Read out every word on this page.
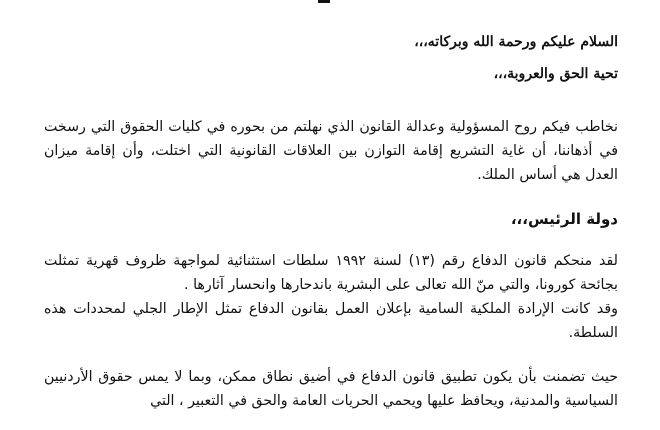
السلام عليكم ورحمة الله وبركاته،،،

تحية الحق والعروبة،،،

نخاطب فيكم روح المسؤولية وعدالة القانون الذي نهلتم من بحوره في كليات الحقوق التي رسخت في أذهاننا، أن غاية التشريع إقامة التوازن بين العلاقات القانونية التي اختلت، وأن إقامة ميزان العدل هي أساس الملك.

دولة الرئيس،،،

لقد منحكم قانون الدفاع رقم (١٣) لسنة ١٩٩٢ سلطات استثنائية لمواجهة ظروف قهرية تمثلت بجائحة كورونا، والتي منّ الله تعالى على البشرية باندحارها وانحسار آثارها .
وقد كانت الإرادة الملكية السامية بإعلان العمل بقانون الدفاع تمثل الإطار الجلي لمحددات هذه السلطة.

حيث تضمنت بأن يكون تطبيق قانون الدفاع في أضيق نطاق ممكن، وبما لا يمس حقوق الأردنيين السياسية والمدنية، ويحافظ عليها ويحمي الحريات العامة والحق في التعبير ، التي
